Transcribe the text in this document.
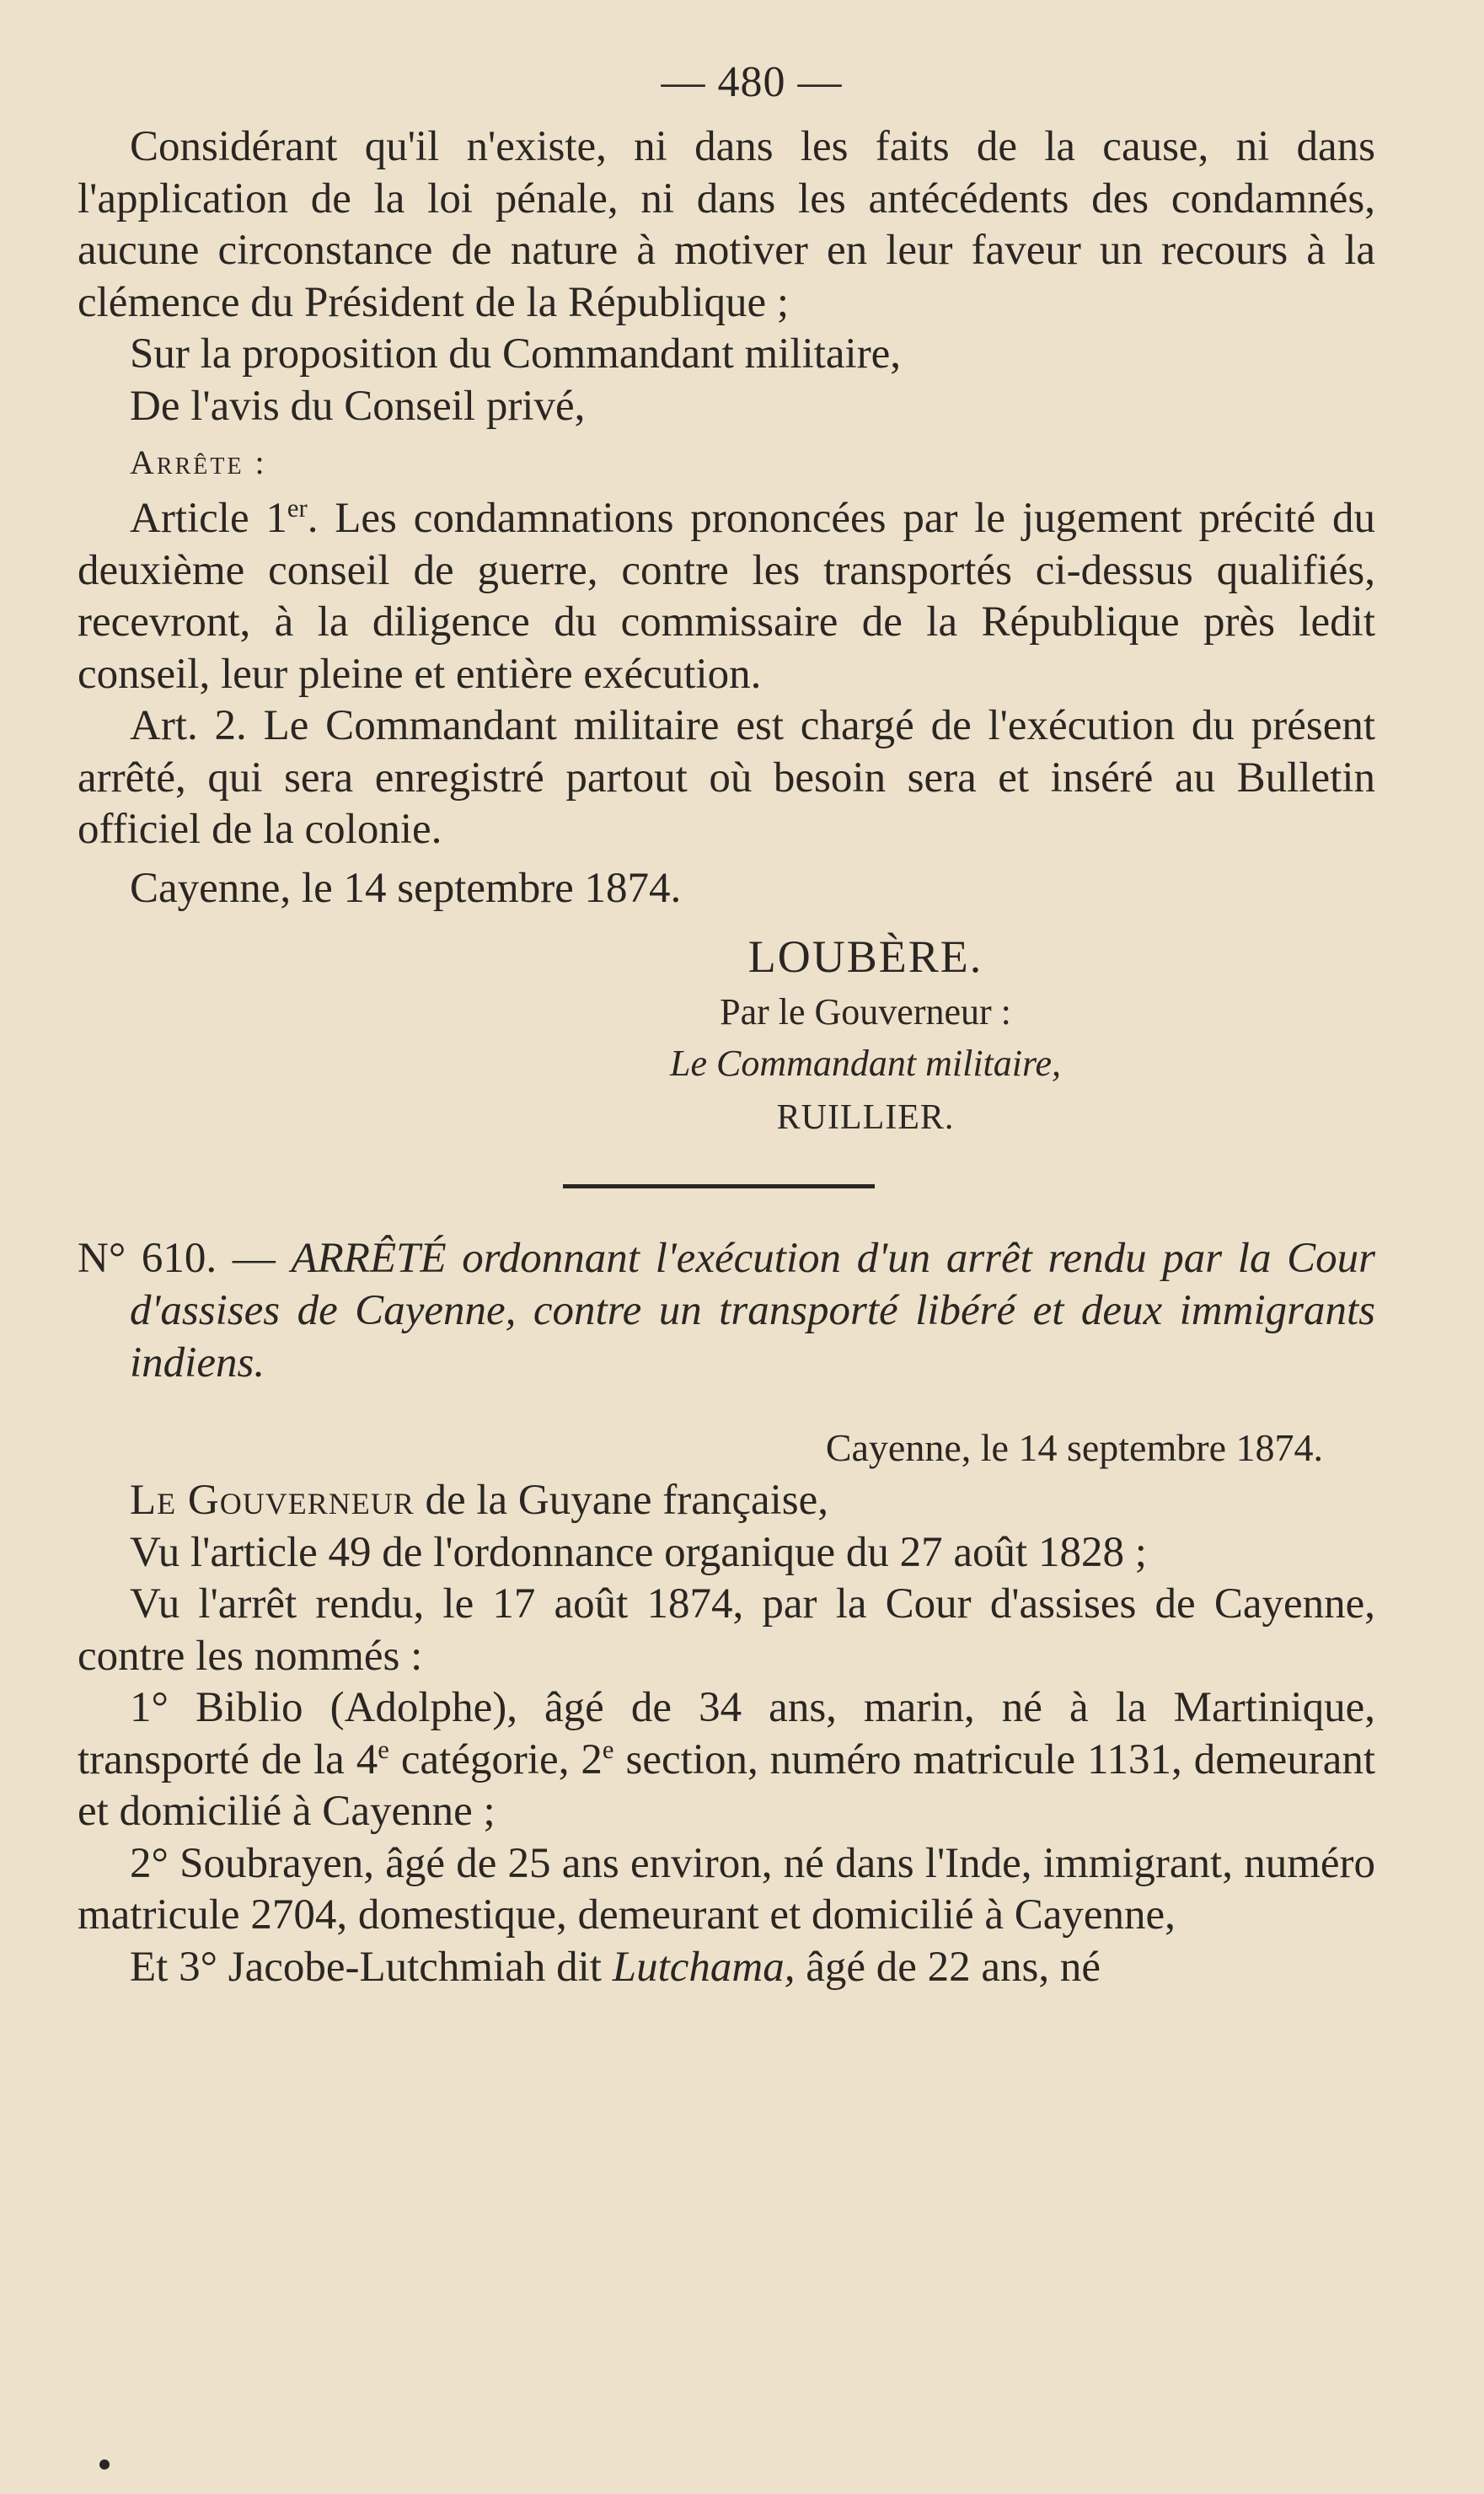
— 480 —

Considérant qu'il n'existe, ni dans les faits de la cause, ni dans l'application de la loi pénale, ni dans les antécédents des condamnés, aucune circonstance de nature à motiver en leur faveur un recours à la clémence du Président de la République ;

Sur la proposition du Commandant militaire,

De l'avis du Conseil privé,

Arrête :

Article 1er. Les condamnations prononcées par le jugement précité du deuxième conseil de guerre, contre les transportés ci-dessus qualifiés, recevront, à la diligence du commissaire de la République près ledit conseil, leur pleine et entière exécution.

Art. 2. Le Commandant militaire est chargé de l'exécution du présent arrêté, qui sera enregistré partout où besoin sera et inséré au Bulletin officiel de la colonie.

Cayenne, le 14 septembre 1874.

LOUBÈRE.
Par le Gouverneur :
Le Commandant militaire,
RUILLIER.
N° 610. — ARRÊTÉ ordonnant l'exécution d'un arrêt rendu par la Cour d'assises de Cayenne, contre un transporté libéré et deux immigrants indiens.
Cayenne, le 14 septembre 1874.

Le Gouverneur de la Guyane française,

Vu l'article 49 de l'ordonnance organique du 27 août 1828 ;

Vu l'arrêt rendu, le 17 août 1874, par la Cour d'assises de Cayenne, contre les nommés :

1° Biblio (Adolphe), âgé de 34 ans, marin, né à la Martinique, transporté de la 4e catégorie, 2e section, numéro matricule 1131, demeurant et domicilié à Cayenne ;

2° Soubrayen, âgé de 25 ans environ, né dans l'Inde, immigrant, numéro matricule 2704, domestique, demeurant et domicilié à Cayenne,

Et 3° Jacobe-Lutchmiah dit Lutchama, âgé de 22 ans, né
